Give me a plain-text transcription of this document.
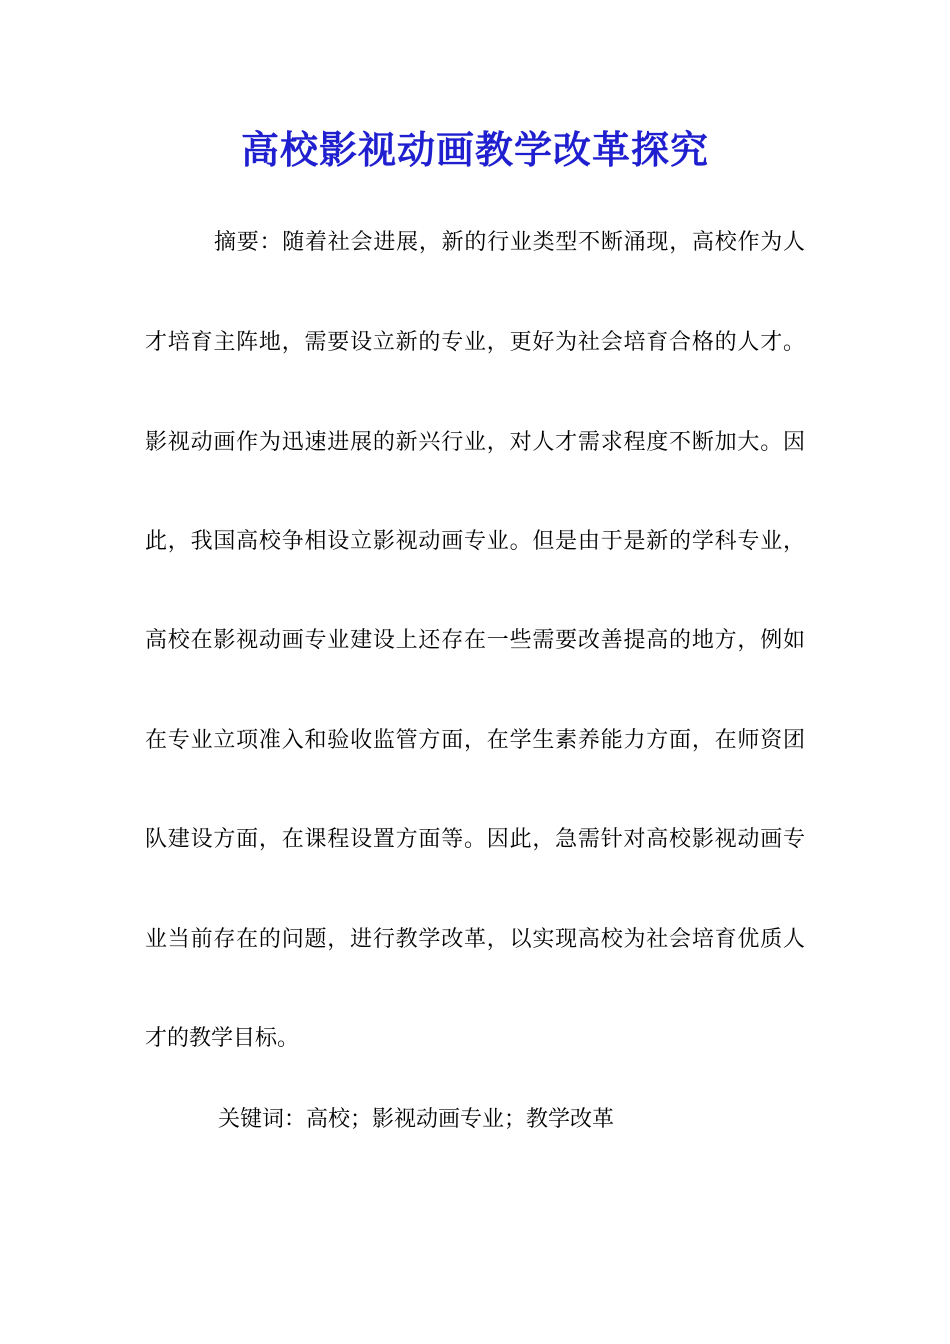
高校影视动画教学改革探究
摘要：随着社会进展，新的行业类型不断涌现，高校作为人
才培育主阵地，需要设立新的专业，更好为社会培育合格的人才。
影视动画作为迅速进展的新兴行业，对人才需求程度不断加大。因
此，我国高校争相设立影视动画专业。但是由于是新的学科专业，
高校在影视动画专业建设上还存在一些需要改善提高的地方，例如
在专业立项准入和验收监管方面，在学生素养能力方面，在师资团
队建设方面，在课程设置方面等。因此，急需针对高校影视动画专
业当前存在的问题，进行教学改革，以实现高校为社会培育优质人
才的教学目标。
关键词：高校；影视动画专业；教学改革
